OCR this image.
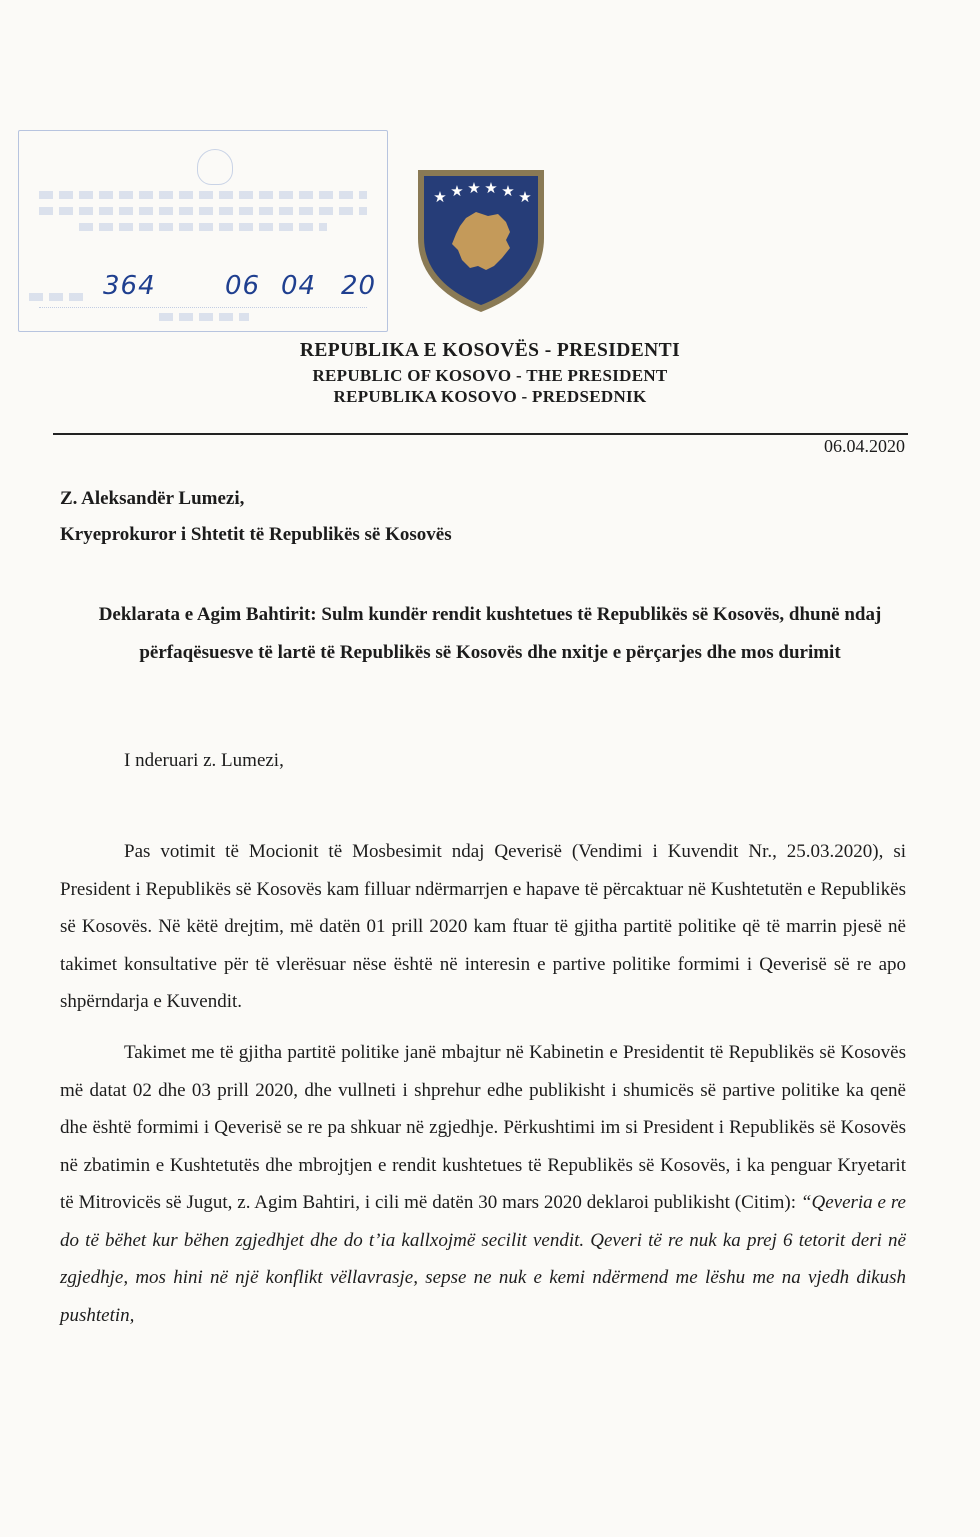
364	06 04 20
★ ★ ★ ★ ★ ★
REPUBLIKA E KOSOVËS - PRESIDENTI
REPUBLIC OF KOSOVO - THE PRESIDENT
REPUBLIKA KOSOVO - PREDSEDNIK
06.04.2020
Z. Aleksandër Lumezi,
Kryeprokuror i Shtetit të Republikës së Kosovës
Deklarata e Agim Bahtirit: Sulm kundër rendit kushtetues të Republikës së Kosovës, dhunë ndaj përfaqësuesve të lartë të Republikës së Kosovës dhe nxitje e përçarjes dhe mos durimit
I nderuari z. Lumezi,

Pas votimit të Mocionit të Mosbesimit ndaj Qeverisë (Vendimi i Kuvendit Nr., 25.03.2020), si President i Republikës së Kosovës kam filluar ndërmarrjen e hapave të përcaktuar në Kushtetutën e Republikës së Kosovës. Në këtë drejtim, më datën 01 prill 2020 kam ftuar të gjitha partitë politike që të marrin pjesë në takimet konsultative për të vlerësuar nëse është në interesin e partive politike formimi i Qeverisë së re apo shpërndarja e Kuvendit.

Takimet me të gjitha partitë politike janë mbajtur në Kabinetin e Presidentit të Republikës së Kosovës më datat 02 dhe 03 prill 2020, dhe vullneti i shprehur edhe publikisht i shumicës së partive politike ka qenë dhe është formimi i Qeverisë se re pa shkuar në zgjedhje. Përkushtimi im si President i Republikës së Kosovës në zbatimin e Kushtetutës dhe mbrojtjen e rendit kushtetues të Republikës së Kosovës, i ka penguar Kryetarit të Mitrovicës së Jugut, z. Agim Bahtiri, i cili më datën 30 mars 2020 deklaroi publikisht (Citim): “Qeveria e re do të bëhet kur bëhen zgjedhjet dhe do t’ia kallxojmë secilit vendit. Qeveri të re nuk ka prej 6 tetorit deri në zgjedhje, mos hini në një konflikt vëllavrasje, sepse ne nuk e kemi ndërmend me lëshu me na vjedh dikush pushtetin,
